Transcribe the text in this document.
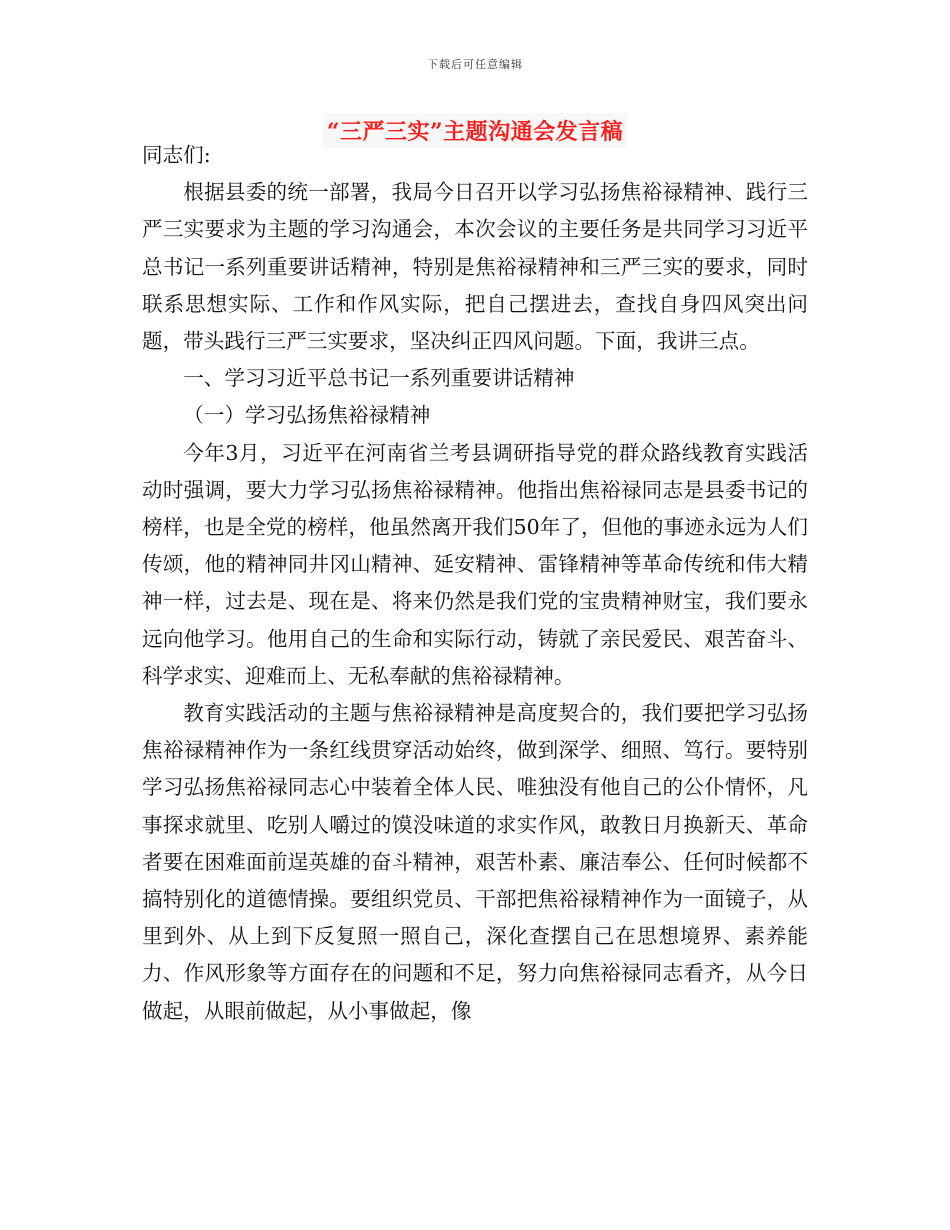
下载后可任意编辑
“三严三实”主题沟通会发言稿

同志们:

根据县委的统一部署，我局今日召开以学习弘扬焦裕禄精神、践行三严三实要求为主题的学习沟通会，本次会议的主要任务是共同学习习近平总书记一系列重要讲话精神，特别是焦裕禄精神和三严三实的要求，同时联系思想实际、工作和作风实际，把自己摆进去，查找自身四风突出问题，带头践行三严三实要求，坚决纠正四风问题。下面，我讲三点。

一、学习习近平总书记一系列重要讲话精神

（一）学习弘扬焦裕禄精神

今年3月，习近平在河南省兰考县调研指导党的群众路线教育实践活动时强调，要大力学习弘扬焦裕禄精神。他指出焦裕禄同志是县委书记的榜样，也是全党的榜样，他虽然离开我们50年了，但他的事迹永远为人们传颂，他的精神同井冈山精神、延安精神、雷锋精神等革命传统和伟大精神一样，过去是、现在是、将来仍然是我们党的宝贵精神财宝，我们要永远向他学习。他用自己的生命和实际行动，铸就了亲民爱民、艰苦奋斗、科学求实、迎难而上、无私奉献的焦裕禄精神。

教育实践活动的主题与焦裕禄精神是高度契合的，我们要把学习弘扬焦裕禄精神作为一条红线贯穿活动始终，做到深学、细照、笃行。要特别学习弘扬焦裕禄同志心中装着全体人民、唯独没有他自己的公仆情怀，凡事探求就里、吃别人嚼过的馍没味道的求实作风，敢教日月换新天、革命者要在困难面前逞英雄的奋斗精神，艰苦朴素、廉洁奉公、任何时候都不搞特别化的道德情操。要组织党员、干部把焦裕禄精神作为一面镜子，从里到外、从上到下反复照一照自己，深化查摆自己在思想境界、素养能力、作风形象等方面存在的问题和不足，努力向焦裕禄同志看齐，从今日做起，从眼前做起，从小事做起，像
